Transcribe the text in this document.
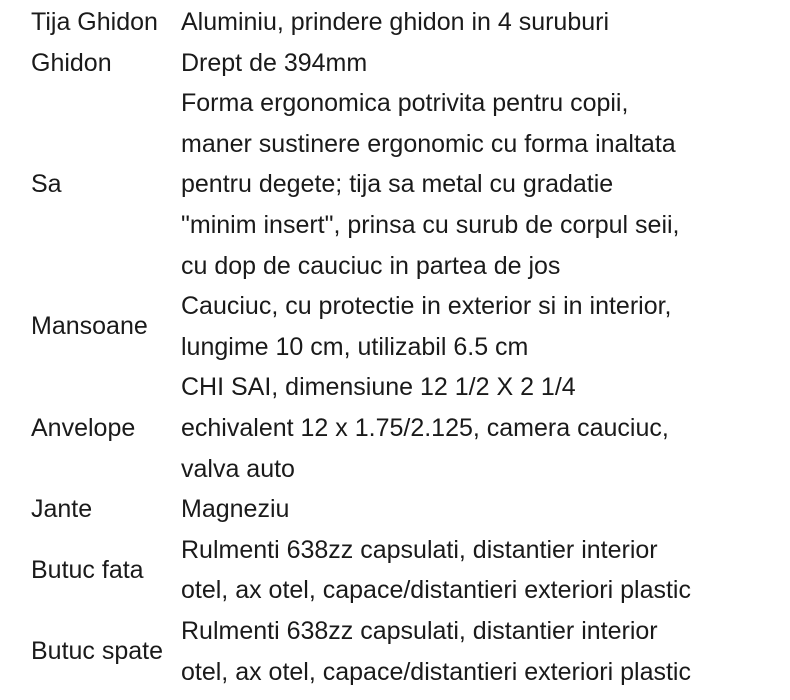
Tija Ghidon	Aluminiu, prindere ghidon in 4 suruburi

Ghidon	Drept de 394mm

Sa	Forma ergonomica potrivita pentru copii,
maner sustinere ergonomic cu forma inaltata
pentru degete; tija sa metal cu gradatie
"minim insert", prinsa cu surub de corpul seii,
cu dop de cauciuc in partea de jos

Mansoane	Cauciuc, cu protectie in exterior si in interior,
lungime 10 cm, utilizabil 6.5 cm

Anvelope	CHI SAI, dimensiune 12 1/2 X 2 1/4
echivalent 12 x 1.75/2.125, camera cauciuc,
valva auto

Jante	Magneziu

Butuc fata	Rulmenti 638zz capsulati, distantier interior
otel, ax otel, capace/distantieri exteriori plastic

Butuc spate	Rulmenti 638zz capsulati, distantier interior
otel, ax otel, capace/distantieri exteriori plastic
